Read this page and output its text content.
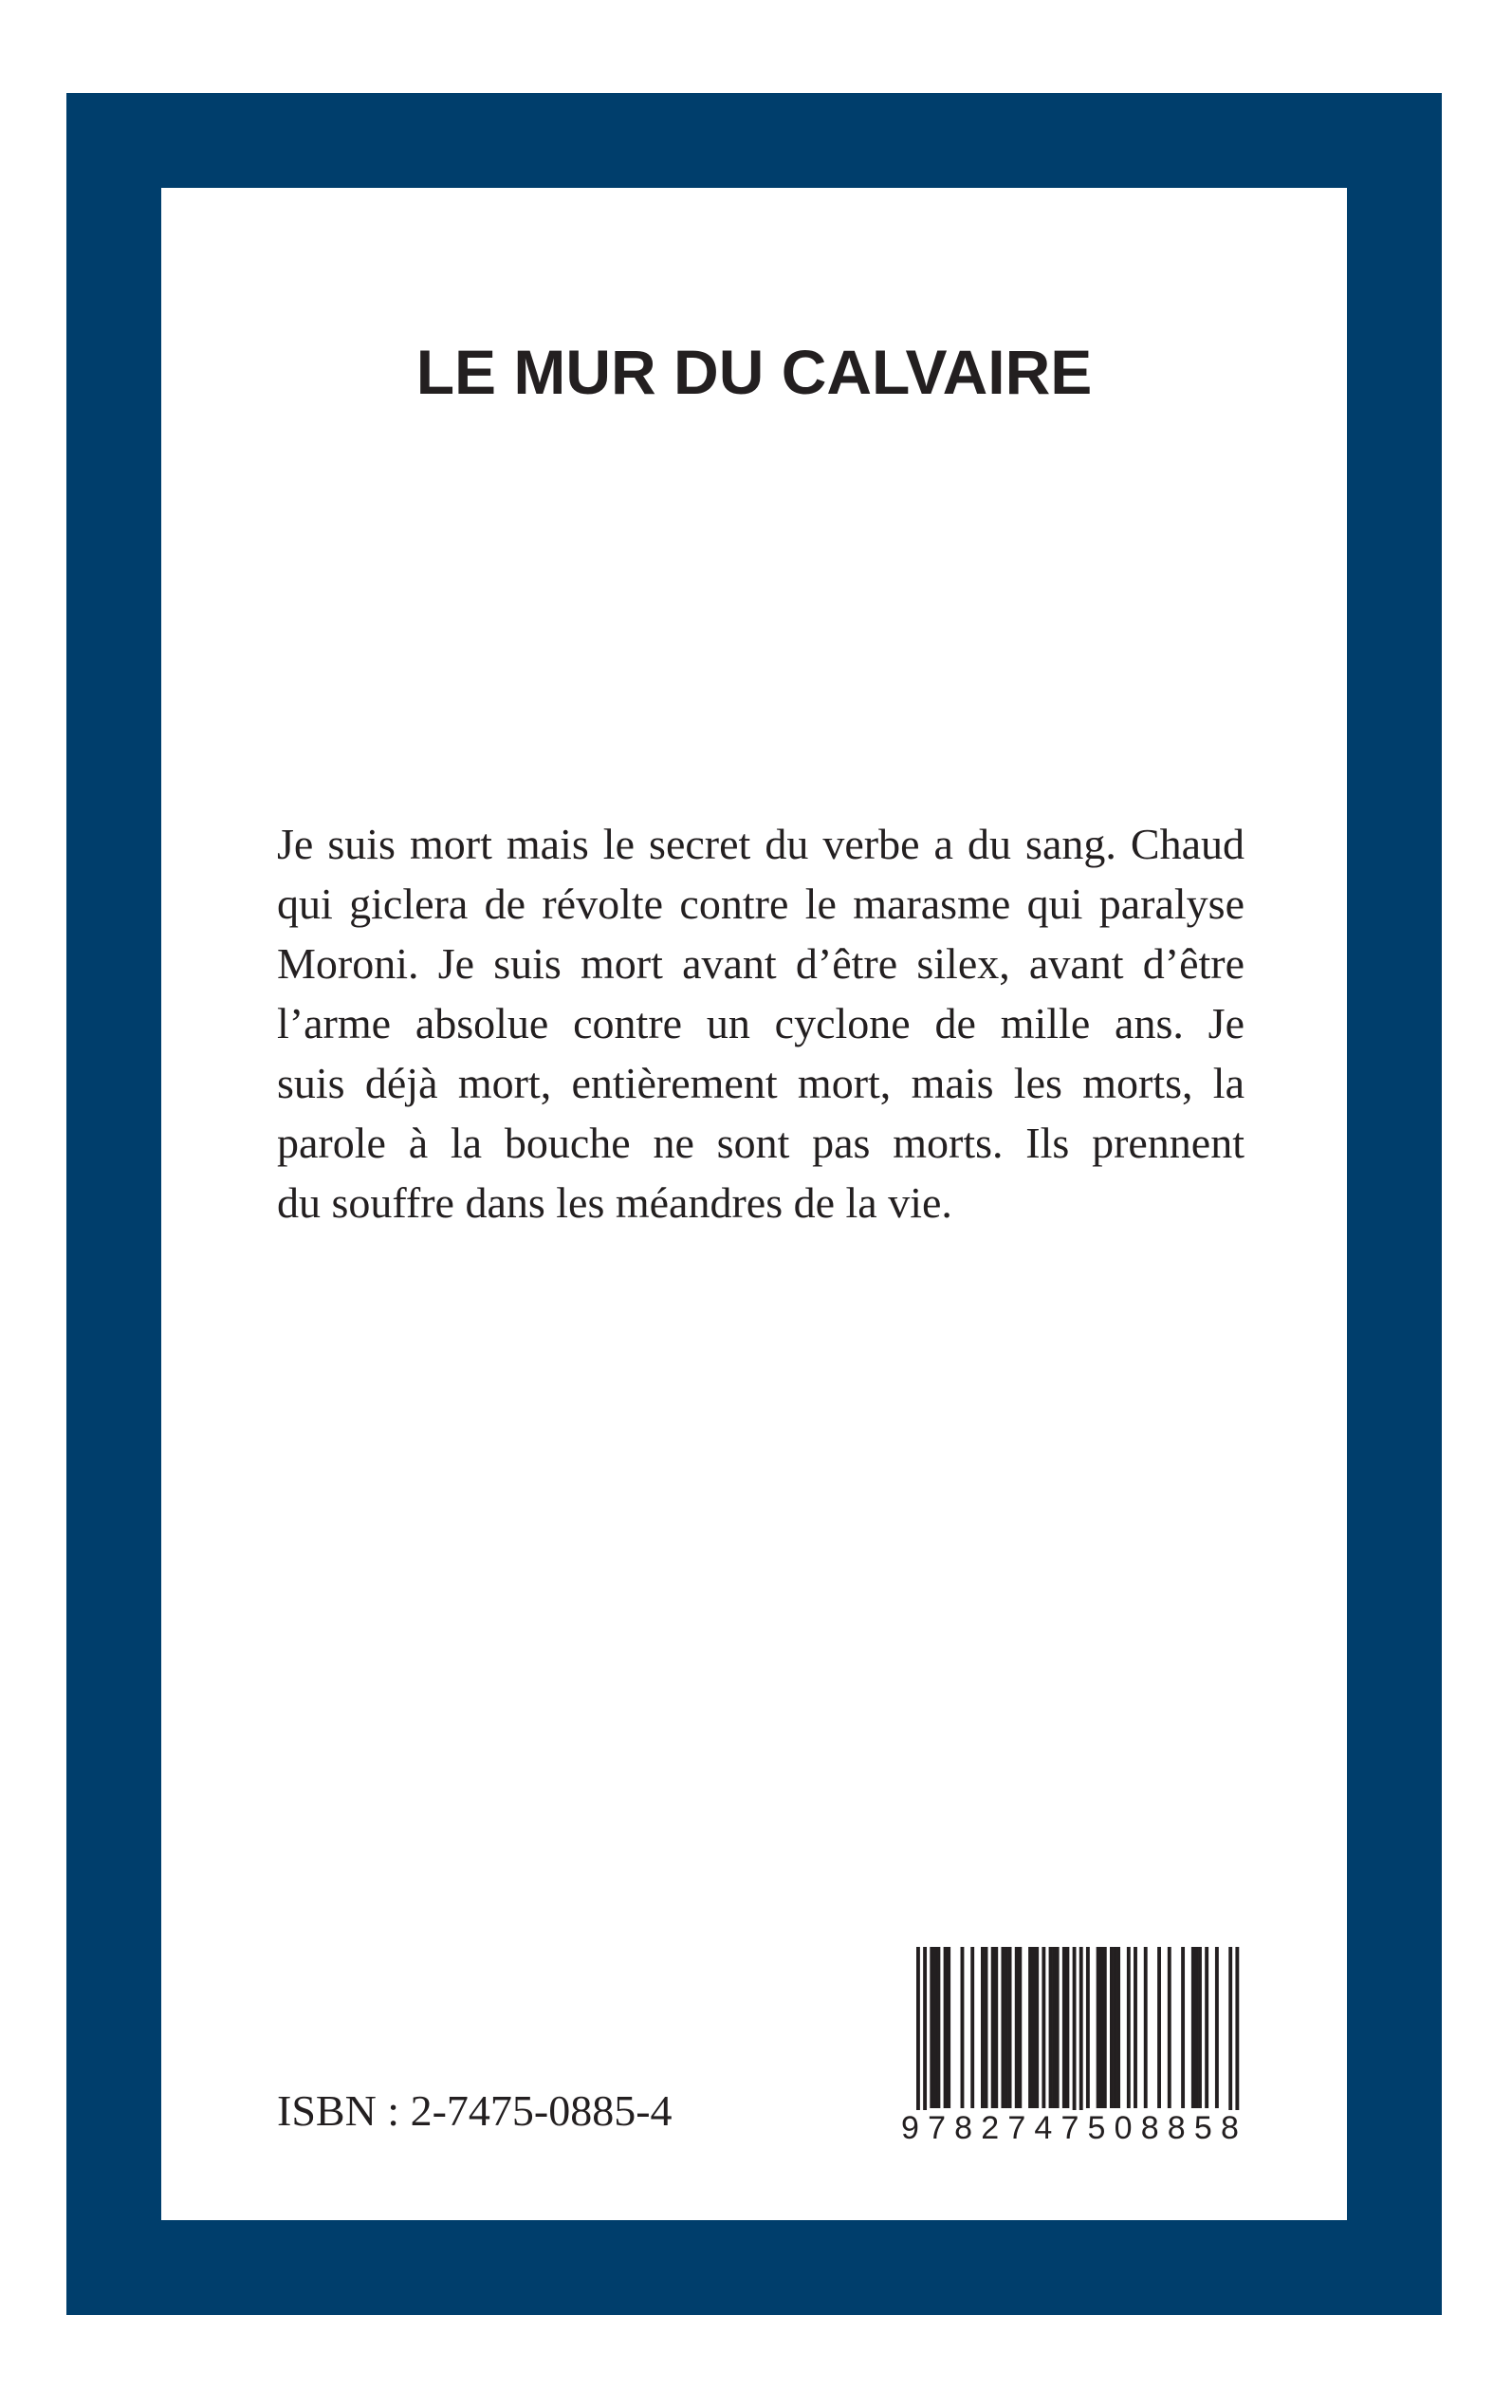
LE MUR DU CALVAIRE

Je suis mort mais le secret du verbe a du sang. Chaud
qui giclera de révolte contre le marasme qui paralyse
Moroni. Je suis mort avant d’être silex, avant d’être
l’arme absolue contre un cyclone de mille ans. Je
suis déjà mort, entièrement mort, mais les morts, la
parole à la bouche ne sont pas morts. Ils prennent
du souffre dans les méandres de la vie.

ISBN : 2-7475-0885-4	9 7 8 2 7 4 7 5 0 8 8 5 8
